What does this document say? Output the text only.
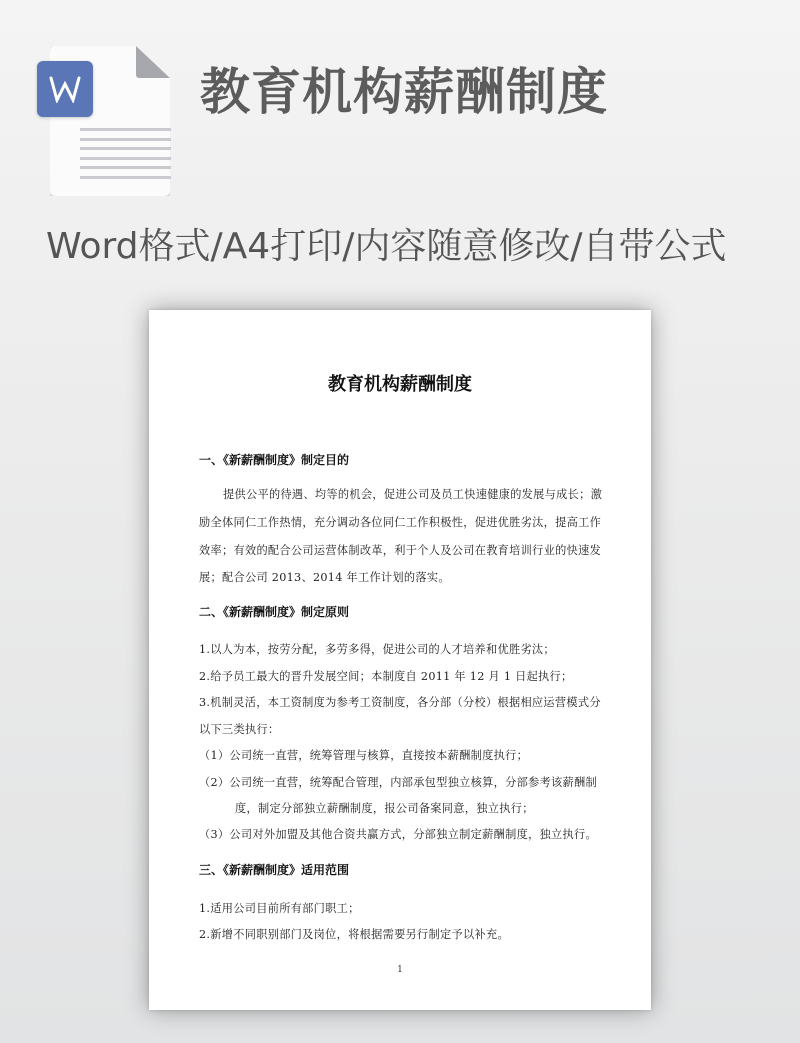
教育机构薪酬制度
Word格式/A4打印/内容随意修改/自带公式
教育机构薪酬制度
一、《新薪酬制度》制定目的
提供公平的待遇、均等的机会，促进公司及员工快速健康的发展与成长；激
励全体同仁工作热情，充分调动各位同仁工作积极性，促进优胜劣汰，提高工作
效率；有效的配合公司运营体制改革，利于个人及公司在教育培训行业的快速发
展；配合公司 2013、2014 年工作计划的落实。
二、《新薪酬制度》制定原则
1.以人为本，按劳分配，多劳多得，促进公司的人才培养和优胜劣汰；
2.给予员工最大的晋升发展空间；本制度自 2011 年 12 月 1 日起执行；
3.机制灵活，本工资制度为参考工资制度，各分部（分校）根据相应运营模式分
以下三类执行：
（1）公司统一直营，统筹管理与核算，直接按本薪酬制度执行；
（2）公司统一直营，统筹配合管理，内部承包型独立核算，分部参考该薪酬制
度，制定分部独立薪酬制度，报公司备案同意，独立执行；
（3）公司对外加盟及其他合资共赢方式，分部独立制定薪酬制度，独立执行。
三、《新薪酬制度》适用范围
1.适用公司目前所有部门职工；
2.新增不同职别部门及岗位，将根据需要另行制定予以补充。
1
